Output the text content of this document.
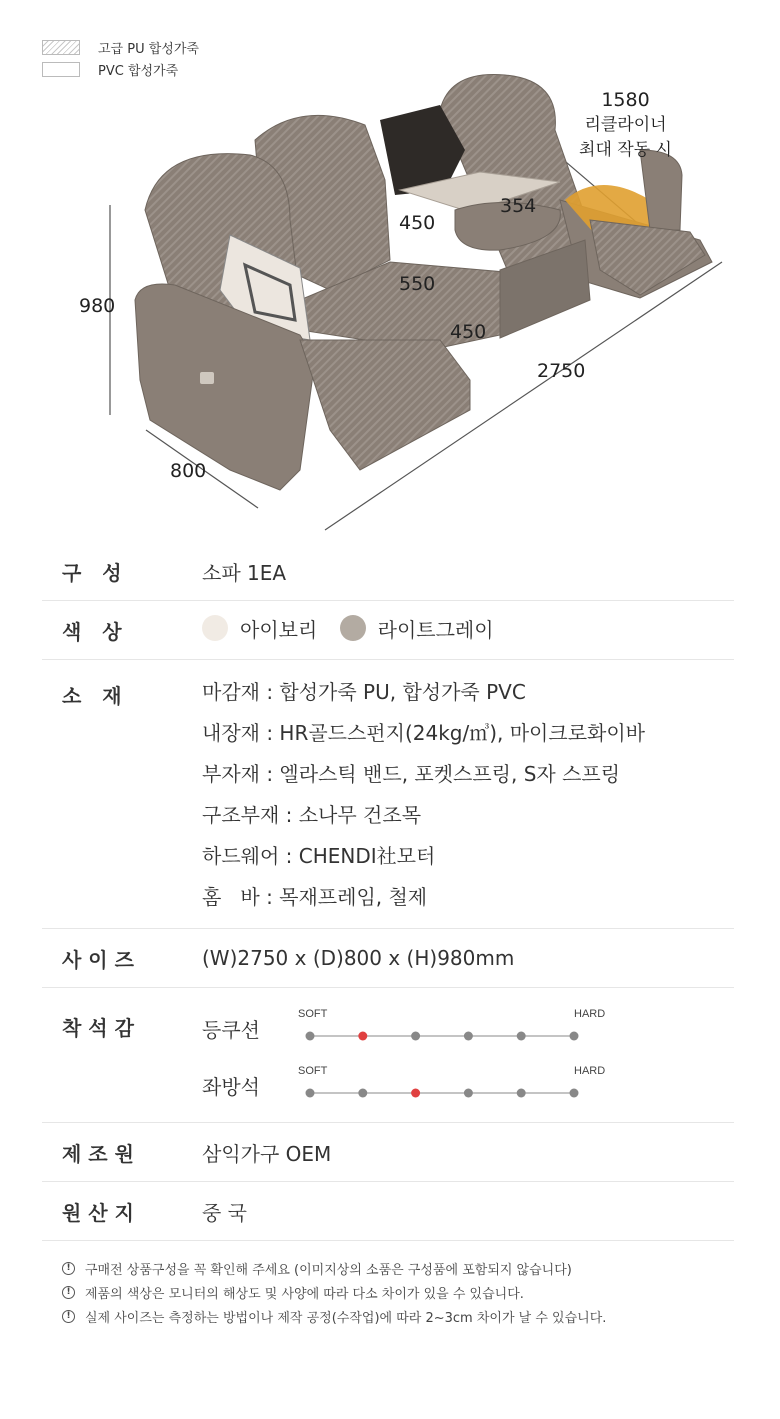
고급 PU 합성가죽
PVC 합성가죽
980
800
2750
550
450
450
354
1580
리클라이너
최대 작동 시
구   성	소파 1EA
색   상	아이보리
	라이트그레이
소   재	마감재 : 합성가죽 PU, 합성가죽 PVC
내장재 : HR골드스펀지(24kg/㎥), 마이크로화이바
부자재 : 엘라스틱 밴드, 포켓스프링, S자 스프링
구조부재 : 소나무 건조목
하드웨어 : CHENDI社모터
홈   바 : 목재프레임, 철제
사 이 즈	(W)2750 x (D)800 x (H)980mm
착 석 감	등쿠션
SOFT	HARD
좌방석
SOFT	HARD
제 조 원	삼익가구 OEM
원 산 지	중 국
!	구매전 상품구성을 꼭 확인해 주세요 (이미지상의 소품은 구성품에 포함되지 않습니다)
!	제품의 색상은 모니터의 해상도 및 사양에 따라 다소 차이가 있을 수 있습니다.
!	실제 사이즈는 측정하는 방법이나 제작 공정(수작업)에 따라 2~3cm 차이가 날 수 있습니다.
